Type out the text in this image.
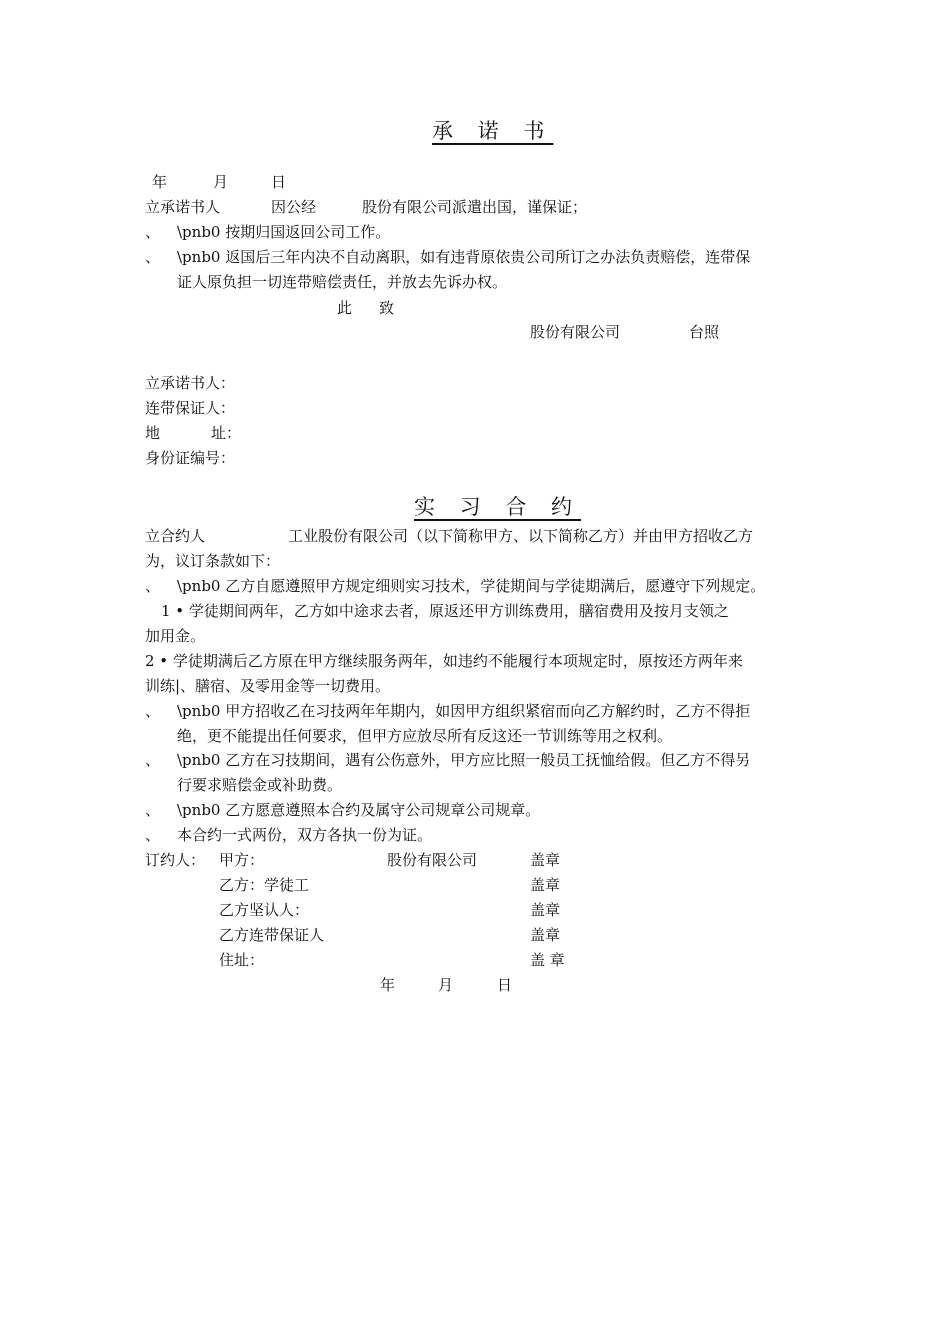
承 诺 书
年	月	日
立承诺书人	因公经	股份有限公司派遣出国，谨保证；
、 \pnb0 按期归国返回公司工作。
、 \pnb0 返国后三年内决不自动离职，如有违背原依贵公司所订之办法负责赔偿，连带保
证人原负担一切连带赔偿责任，并放去先诉办权。
此 致
股份有限公司	台照
立承诺书人：
连带保证人：
地	址：
身份证编号：
实 习 合 约
立合约人	工业股份有限公司（以下简称甲方、以下简称乙方）并由甲方招收乙方
为，议订条款如下：
、 \pnb0 乙方自愿遵照甲方规定细则实习技术，学徒期间与学徒期满后，愿遵守下列规定。
1 • 学徒期间两年，乙方如中途求去者，原返还甲方训练费用，膳宿费用及按月支领之
加用金。
2 • 学徒期满后乙方原在甲方继续服务两年，如违约不能履行本项规定时，原按还方两年来
训练|、膳宿、及零用金等一切费用。
、 \pnb0 甲方招收乙在习技两年年期内，如因甲方组织紧宿而向乙方解约时，乙方不得拒
绝，更不能提出任何要求，但甲方应放尽所有反这还一节训练等用之权利。
、 \pnb0 乙方在习技期间，遇有公伤意外，甲方应比照一般员工抚恤给假。但乙方不得另
行要求赔偿金或补助费。
、 \pnb0 乙方愿意遵照本合约及属守公司规章公司规章。
、 本合约一式两份，双方各执一份为证。
订约人： 甲方：	股份有限公司	盖章
乙方：学徒工	盖章
乙方坚认人：	盖章
乙方连带保证人	盖章
住址：	盖 章
年	月	日
